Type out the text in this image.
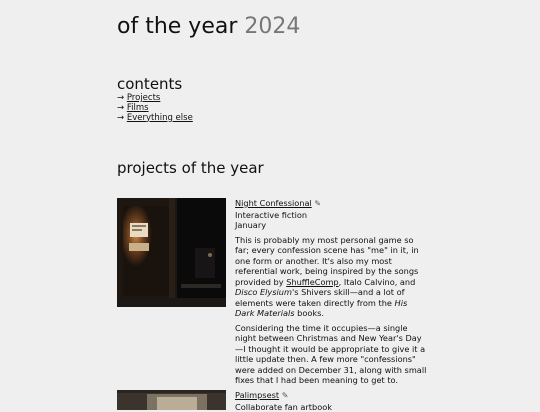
of the year 2024
contents
→ Projects
→ Films
→ Everything else
projects of the year
Night Confessional ✎
Interactive fiction
January

This is probably my most personal game so far; every confession scene has "me" in it, in one form or another. It's also my most referential work, being inspired by the songs provided by ShuffleComp, Italo Calvino, and Disco Elysium's Shivers skill—and a lot of elements were taken directly from the His Dark Materials books.

Considering the time it occupies—a single night between Christmas and New Year's Day—I thought it would be appropriate to give it a little update then. A few more "confessions" were added on December 31, along with small fixes that I had been meaning to get to.

Palimpsest ✎
Collaborate fan artbook
